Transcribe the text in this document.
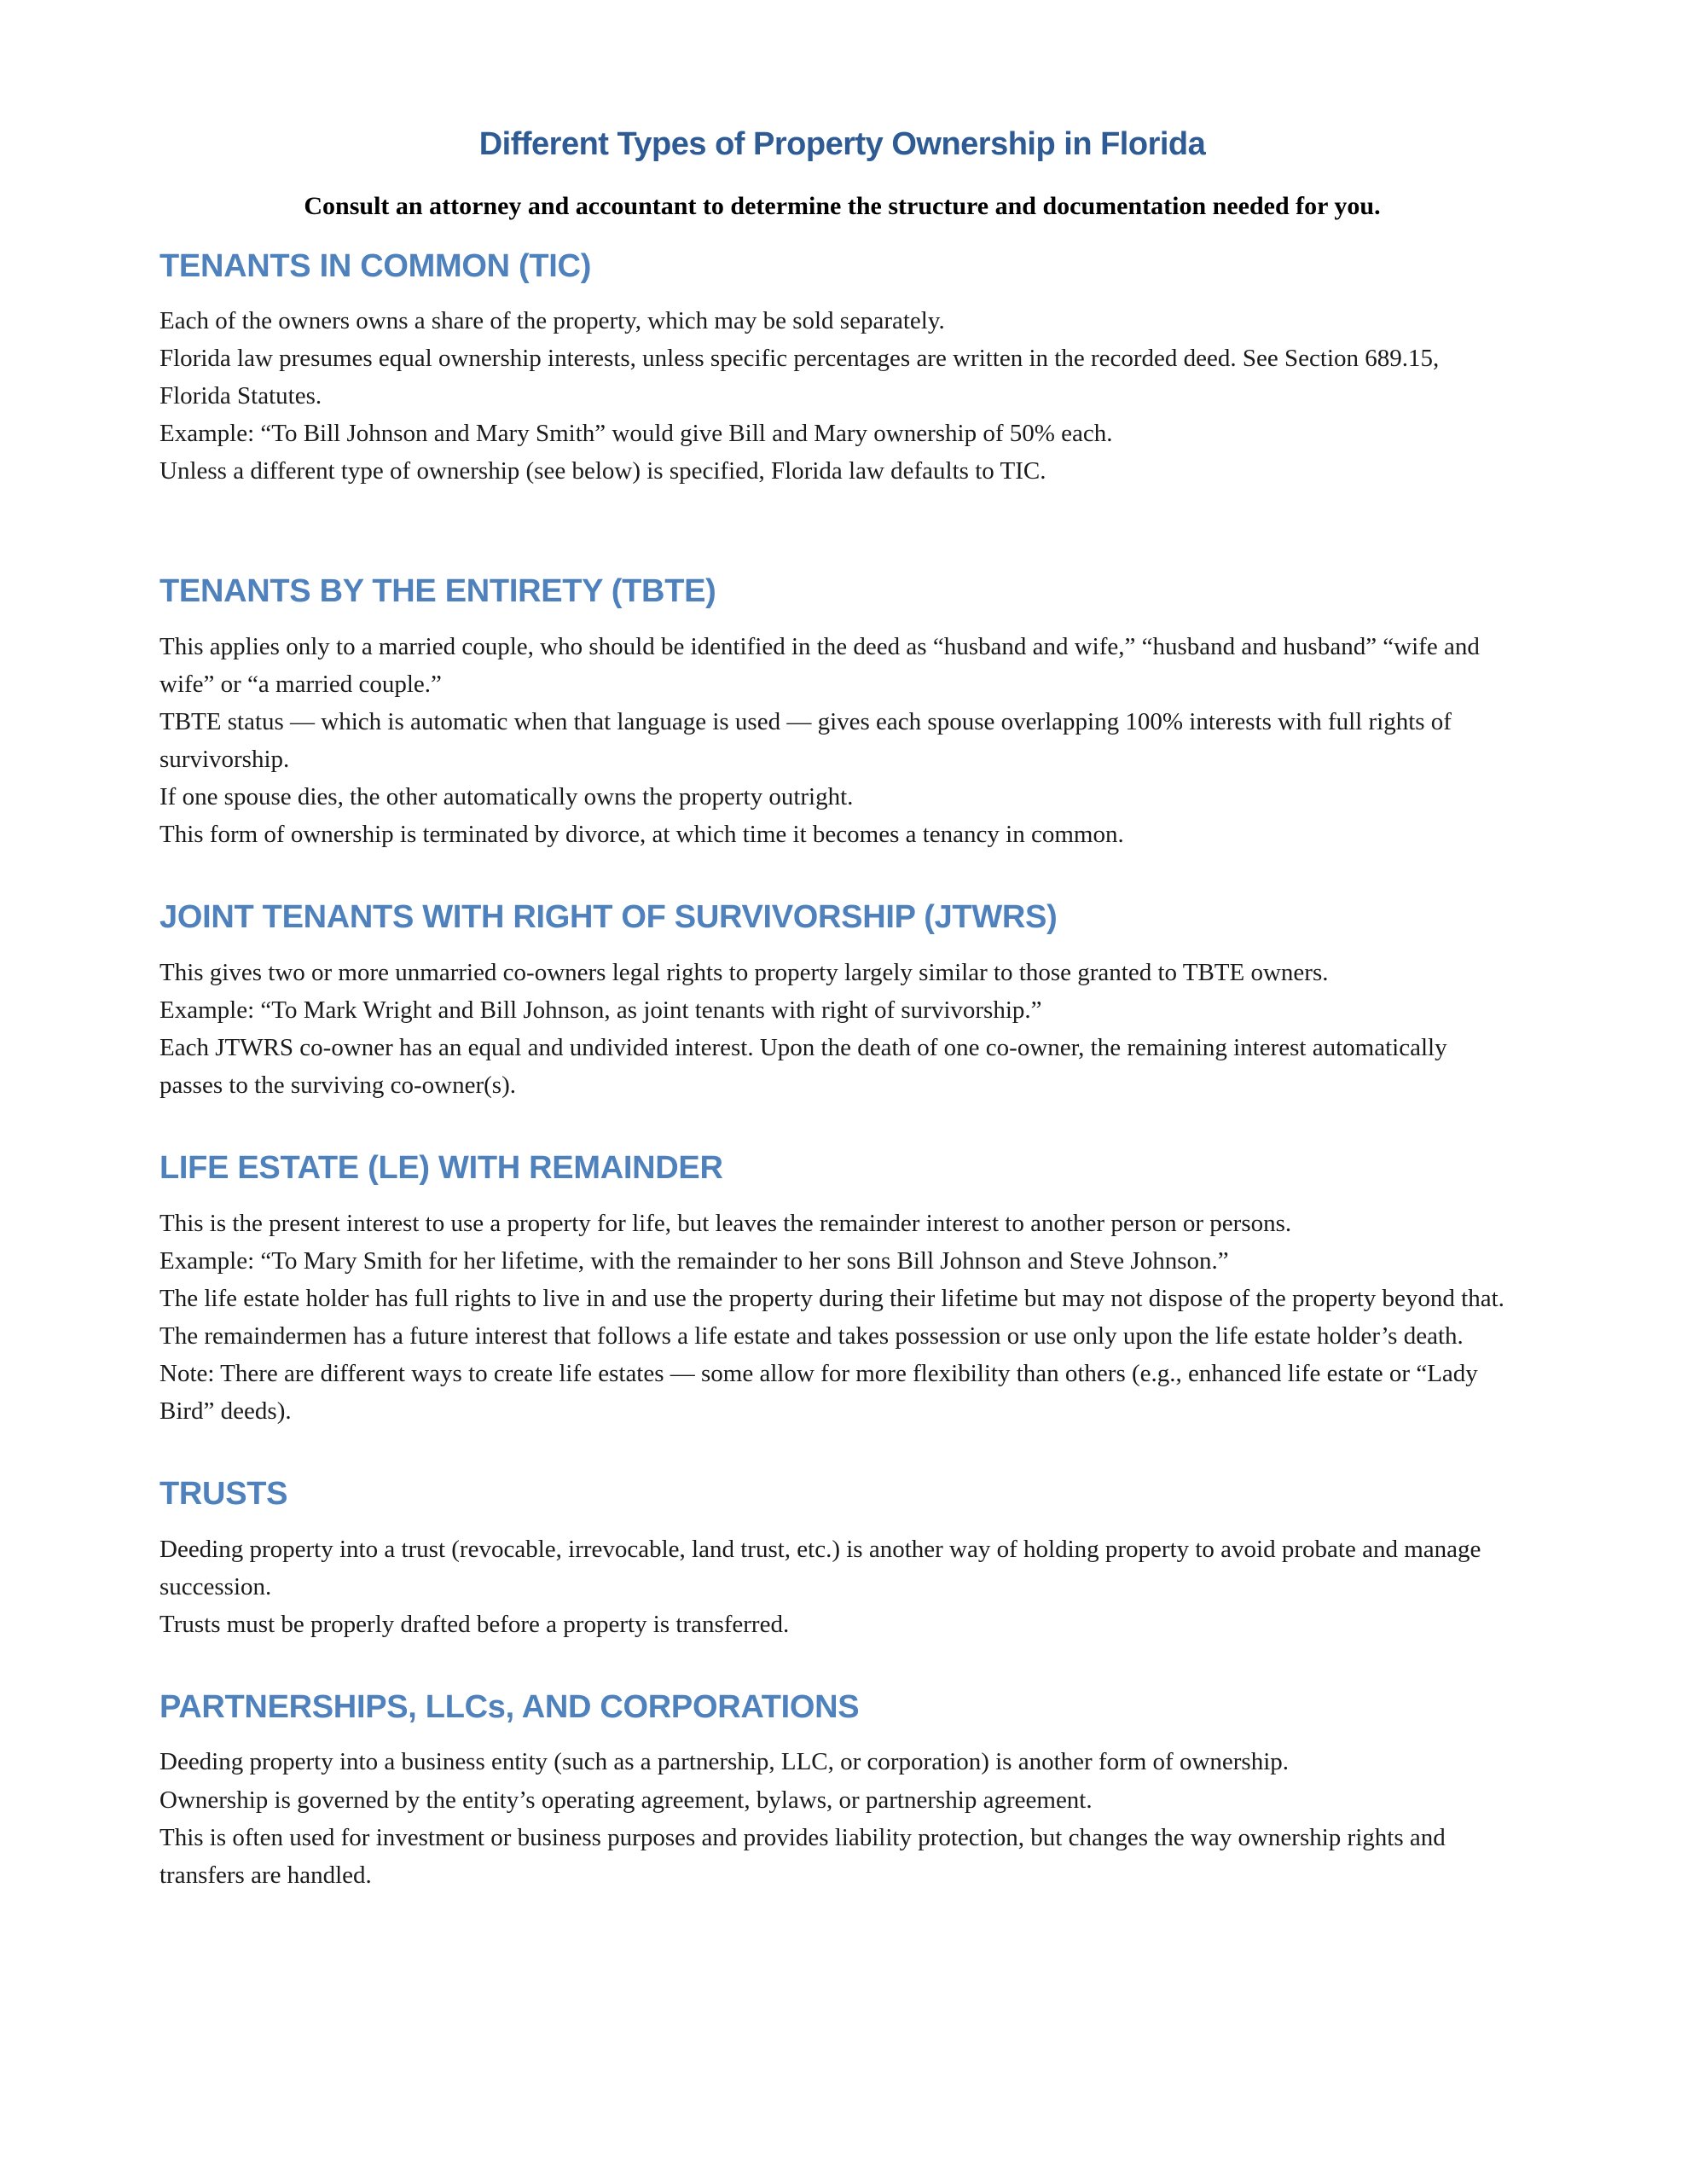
Different Types of Property Ownership in Florida

Consult an attorney and accountant to determine the structure and documentation needed for you.

TENANTS IN COMMON (TIC)

Each of the owners owns a share of the property, which may be sold separately.

Florida law presumes equal ownership interests, unless specific percentages are written in the recorded deed. See Section 689.15, Florida Statutes.

Example: “To Bill Johnson and Mary Smith” would give Bill and Mary ownership of 50% each.

Unless a different type of ownership (see below) is specified, Florida law defaults to TIC.

TENANTS BY THE ENTIRETY (TBTE)

This applies only to a married couple, who should be identified in the deed as “husband and wife,” “husband and husband” “wife and wife” or “a married couple.”

TBTE status — which is automatic when that language is used — gives each spouse overlapping 100% interests with full rights of survivorship.

If one spouse dies, the other automatically owns the property outright.

This form of ownership is terminated by divorce, at which time it becomes a tenancy in common.

JOINT TENANTS WITH RIGHT OF SURVIVORSHIP (JTWRS)

This gives two or more unmarried co-owners legal rights to property largely similar to those granted to TBTE owners.

Example: “To Mark Wright and Bill Johnson, as joint tenants with right of survivorship.”

Each JTWRS co-owner has an equal and undivided interest. Upon the death of one co-owner, the remaining interest automatically passes to the surviving co-owner(s).

LIFE ESTATE (LE) WITH REMAINDER

This is the present interest to use a property for life, but leaves the remainder interest to another person or persons.

Example: “To Mary Smith for her lifetime, with the remainder to her sons Bill Johnson and Steve Johnson.”

The life estate holder has full rights to live in and use the property during their lifetime but may not dispose of the property beyond that.

The remaindermen has a future interest that follows a life estate and takes possession or use only upon the life estate holder’s death.

Note: There are different ways to create life estates — some allow for more flexibility than others (e.g., enhanced life estate or “Lady Bird” deeds).

TRUSTS

Deeding property into a trust (revocable, irrevocable, land trust, etc.) is another way of holding property to avoid probate and manage succession.

Trusts must be properly drafted before a property is transferred.

PARTNERSHIPS, LLCs, AND CORPORATIONS

Deeding property into a business entity (such as a partnership, LLC, or corporation) is another form of ownership.

Ownership is governed by the entity’s operating agreement, bylaws, or partnership agreement.

This is often used for investment or business purposes and provides liability protection, but changes the way ownership rights and transfers are handled.
